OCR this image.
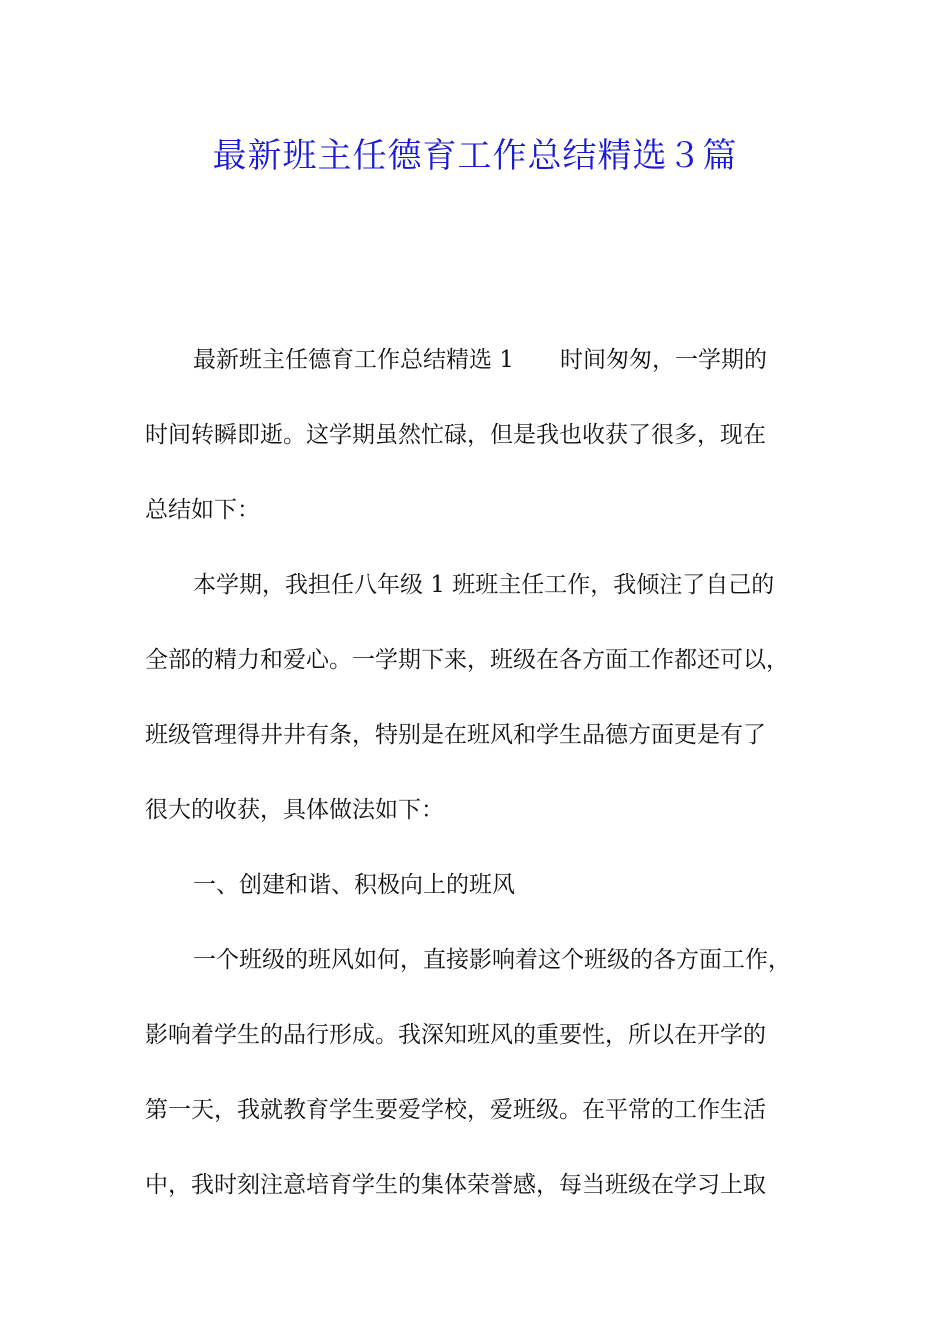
最新班主任德育工作总结精选３篇
最新班主任德育工作总结精选 1　　时间匆匆，一学期的
时间转瞬即逝。这学期虽然忙碌，但是我也收获了很多，现在
总结如下：
本学期，我担任八年级 1 班班主任工作，我倾注了自己的
全部的精力和爱心。一学期下来，班级在各方面工作都还可以，
班级管理得井井有条，特别是在班风和学生品德方面更是有了
很大的收获，具体做法如下：
一、创建和谐、积极向上的班风
一个班级的班风如何，直接影响着这个班级的各方面工作，
影响着学生的品行形成。我深知班风的重要性，所以在开学的
第一天，我就教育学生要爱学校，爱班级。在平常的工作生活
中，我时刻注意培育学生的集体荣誉感，每当班级在学习上取
